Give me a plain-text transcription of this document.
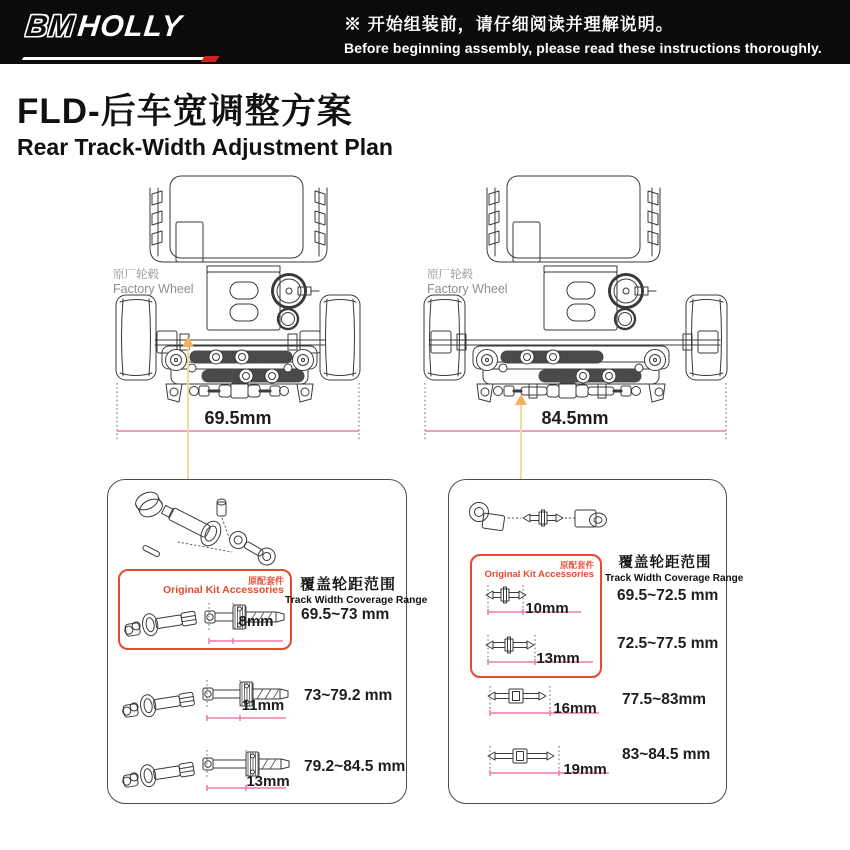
BMHOLLY	※ 开始组装前，请仔细阅读并理解说明。
Before beginning assembly, please read these instructions thoroughly.
FLD-后车宽调整方案
Rear Track-Width Adjustment Plan
69.5mm	84.5mm
原厂轮毂
Factory Wheel
原厂轮毂
Factory Wheel
原配套件
Original Kit Accessories
8mm
覆盖轮距范围
Track Width Coverage Range
69.5~73 mm
11mm
73~79.2 mm
13mm
79.2~84.5 mm
原配套件
Original Kit Accessories
10mm
13mm
覆盖轮距范围
Track Width Coverage Range
69.5~72.5 mm
72.5~77.5 mm
16mm
77.5~83mm
19mm
83~84.5 mm
